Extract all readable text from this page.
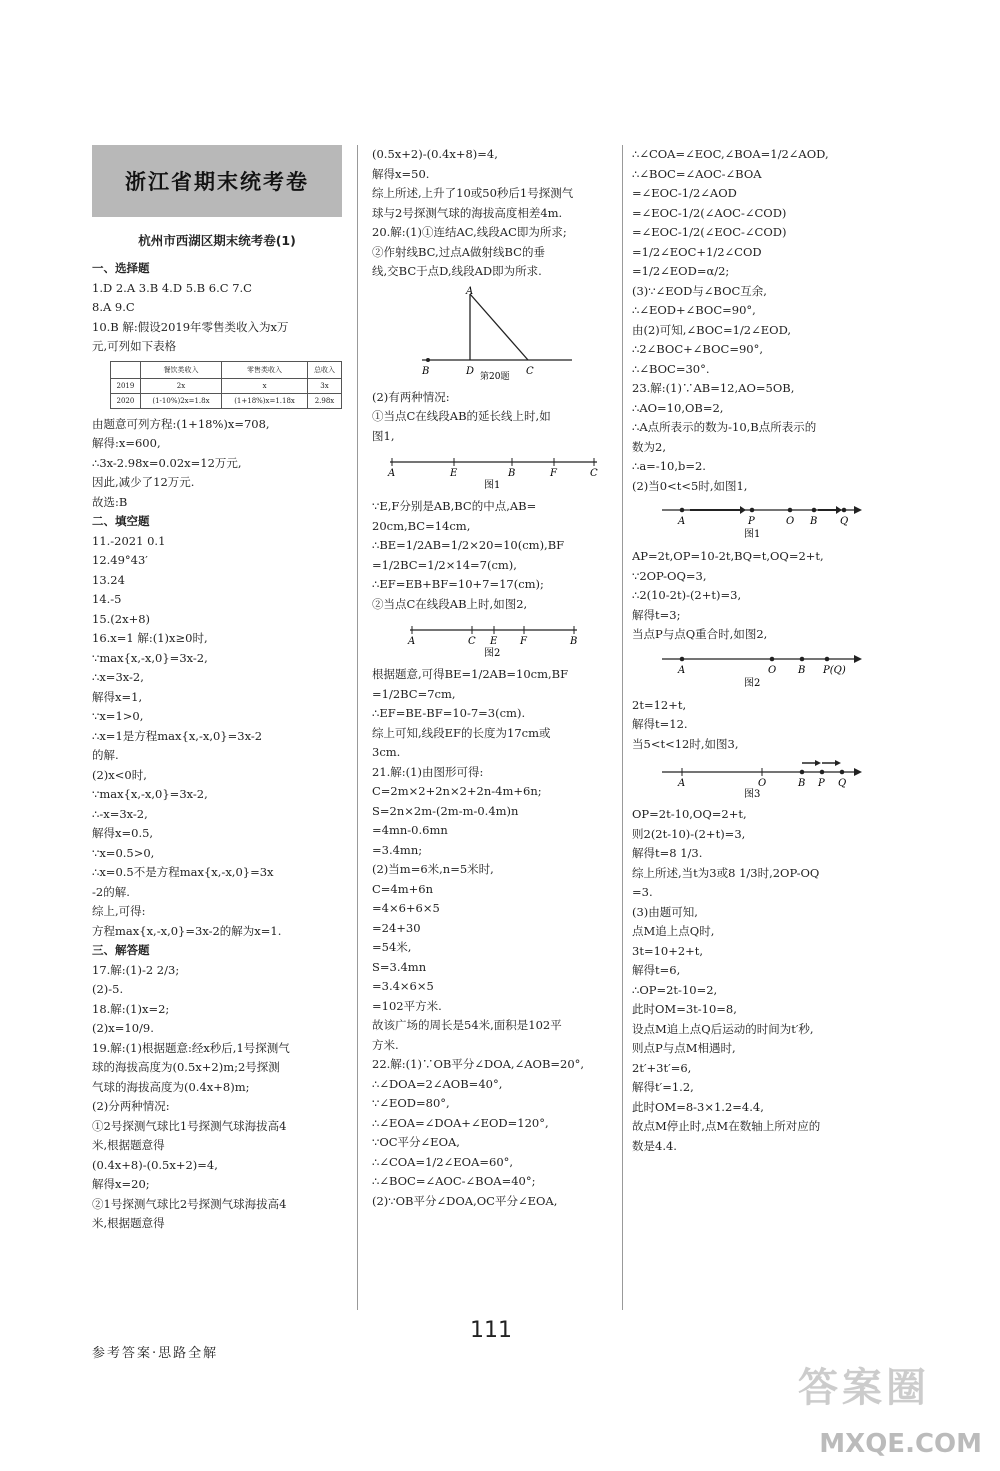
浙江省期末统考卷
杭州市西湖区期末统考卷(1)
一、选择题
1.D 2.A 3.B 4.D 5.B 6.C 7.C
8.A 9.C
10.B 解:假设2019年零售类收入为x万
元,可列如下表格
	餐饮类收入	零售类收入	总收入
2019	2x	x	3x
2020	(1-10%)2x=1.8x	(1+18%)x=1.18x	2.98x
由题意可列方程:(1+18%)x=708,
解得:x=600,
∴3x-2.98x=0.02x=12万元,
因此,减少了12万元.
故选:B
二、填空题
11.-2021 0.1
12.49°43′
13.24
14.-5
15.(2x+8)
16.x=1 解:(1)x≥0时,
∵max{x,-x,0}=3x-2,
∴x=3x-2,
解得x=1,
∵x=1>0,
∴x=1是方程max{x,-x,0}=3x-2
的解.
(2)x<0时,
∵max{x,-x,0}=3x-2,
∴-x=3x-2,
解得x=0.5,
∵x=0.5>0,
∴x=0.5不是方程max{x,-x,0}=3x
-2的解.
综上,可得:
方程max{x,-x,0}=3x-2的解为x=1.
三、解答题
17.解:(1)-2 2/3;
(2)-5.
18.解:(1)x=2;
(2)x=10/9.
19.解:(1)根据题意:经x秒后,1号探测气
球的海拔高度为(0.5x+2)m;2号探测
气球的海拔高度为(0.4x+8)m;
(2)分两种情况:
①2号探测气球比1号探测气球海拔高4
米,根据题意得
(0.4x+8)-(0.5x+2)=4,
解得x=20;
②1号探测气球比2号探测气球海拔高4
米,根据题意得
(0.5x+2)-(0.4x+8)=4,
解得x=50.
综上所述,上升了10或50秒后1号探测气
球与2号探测气球的海拔高度相差4m.
20.解:(1)①连结AC,线段AC即为所求;
②作射线BC,过点A做射线BC的垂
线,交BC于点D,线段AD即为所求.
A
B	D	C
第20题
(2)有两种情况:
①当点C在线段AB的延长线上时,如
图1,
A	E	B	F	C
图1
∵E,F分别是AB,BC的中点,AB=
20cm,BC=14cm,
∴BE=1/2AB=1/2×20=10(cm),BF
=1/2BC=1/2×14=7(cm),
∴EF=EB+BF=10+7=17(cm);
②当点C在线段AB上时,如图2,
A	C E F	B
图2
根据题意,可得BE=1/2AB=10cm,BF
=1/2BC=7cm,
∴EF=BE-BF=10-7=3(cm).
综上可知,线段EF的长度为17cm或
3cm.
21.解:(1)由图形可得:
C=2m×2+2n×2+2n-4m+6n;
S=2n×2m-(2m-m-0.4m)n
=4mn-0.6mn
=3.4mn;
(2)当m=6米,n=5米时,
C=4m+6n
=4×6+6×5
=24+30
=54米,
S=3.4mn
=3.4×6×5
=102平方米.
故该广场的周长是54米,面积是102平
方米.
22.解:(1)∵OB平分∠DOA,∠AOB=20°,
∴∠DOA=2∠AOB=40°,
∵∠EOD=80°,
∴∠EOA=∠DOA+∠EOD=120°,
∵OC平分∠EOA,
∴∠COA=1/2∠EOA=60°,
∴∠BOC=∠AOC-∠BOA=40°;
(2)∵OB平分∠DOA,OC平分∠EOA,
∴∠COA=∠EOC,∠BOA=1/2∠AOD,
∴∠BOC=∠AOC-∠BOA
=∠EOC-1/2∠AOD
=∠EOC-1/2(∠AOC-∠COD)
=∠EOC-1/2(∠EOC-∠COD)
=1/2∠EOC+1/2∠COD
=1/2∠EOD=α/2;
(3)∵∠EOD与∠BOC互余,
∴∠EOD+∠BOC=90°,
由(2)可知,∠BOC=1/2∠EOD,
∴2∠BOC+∠BOC=90°,
∴∠BOC=30°.
23.解:(1)∵AB=12,AO=5OB,
∴AO=10,OB=2,
∴A点所表示的数为-10,B点所表示的
数为2,
∴a=-10,b=2.
(2)当0<t<5时,如图1,
A	P	O B Q
图1
AP=2t,OP=10-2t,BQ=t,OQ=2+t,
∵2OP-OQ=3,
∴2(10-2t)-(2+t)=3,
解得t=3;
当点P与点Q重合时,如图2,
A	O B P(Q)
图2
2t=12+t,
解得t=12.
当5<t<12时,如图3,
A	O	B P Q
图3
OP=2t-10,OQ=2+t,
则2(2t-10)-(2+t)=3,
解得t=8 1/3.
综上所述,当t为3或8 1/3时,2OP-OQ
=3.
(3)由题可知,
点M追上点Q时,
3t=10+2+t,
解得t=6,
∴OP=2t-10=2,
此时OM=3t-10=8,
设点M追上点Q后运动的时间为t′秒,
则点P与点M相遇时,
2t′+3t′=6,
解得t′=1.2,
此时OM=8-3×1.2=4.4,
故点M停止时,点M在数轴上所对应的
数是4.4.
111
参考答案·思路全解
答案圈
MXQE.COM
